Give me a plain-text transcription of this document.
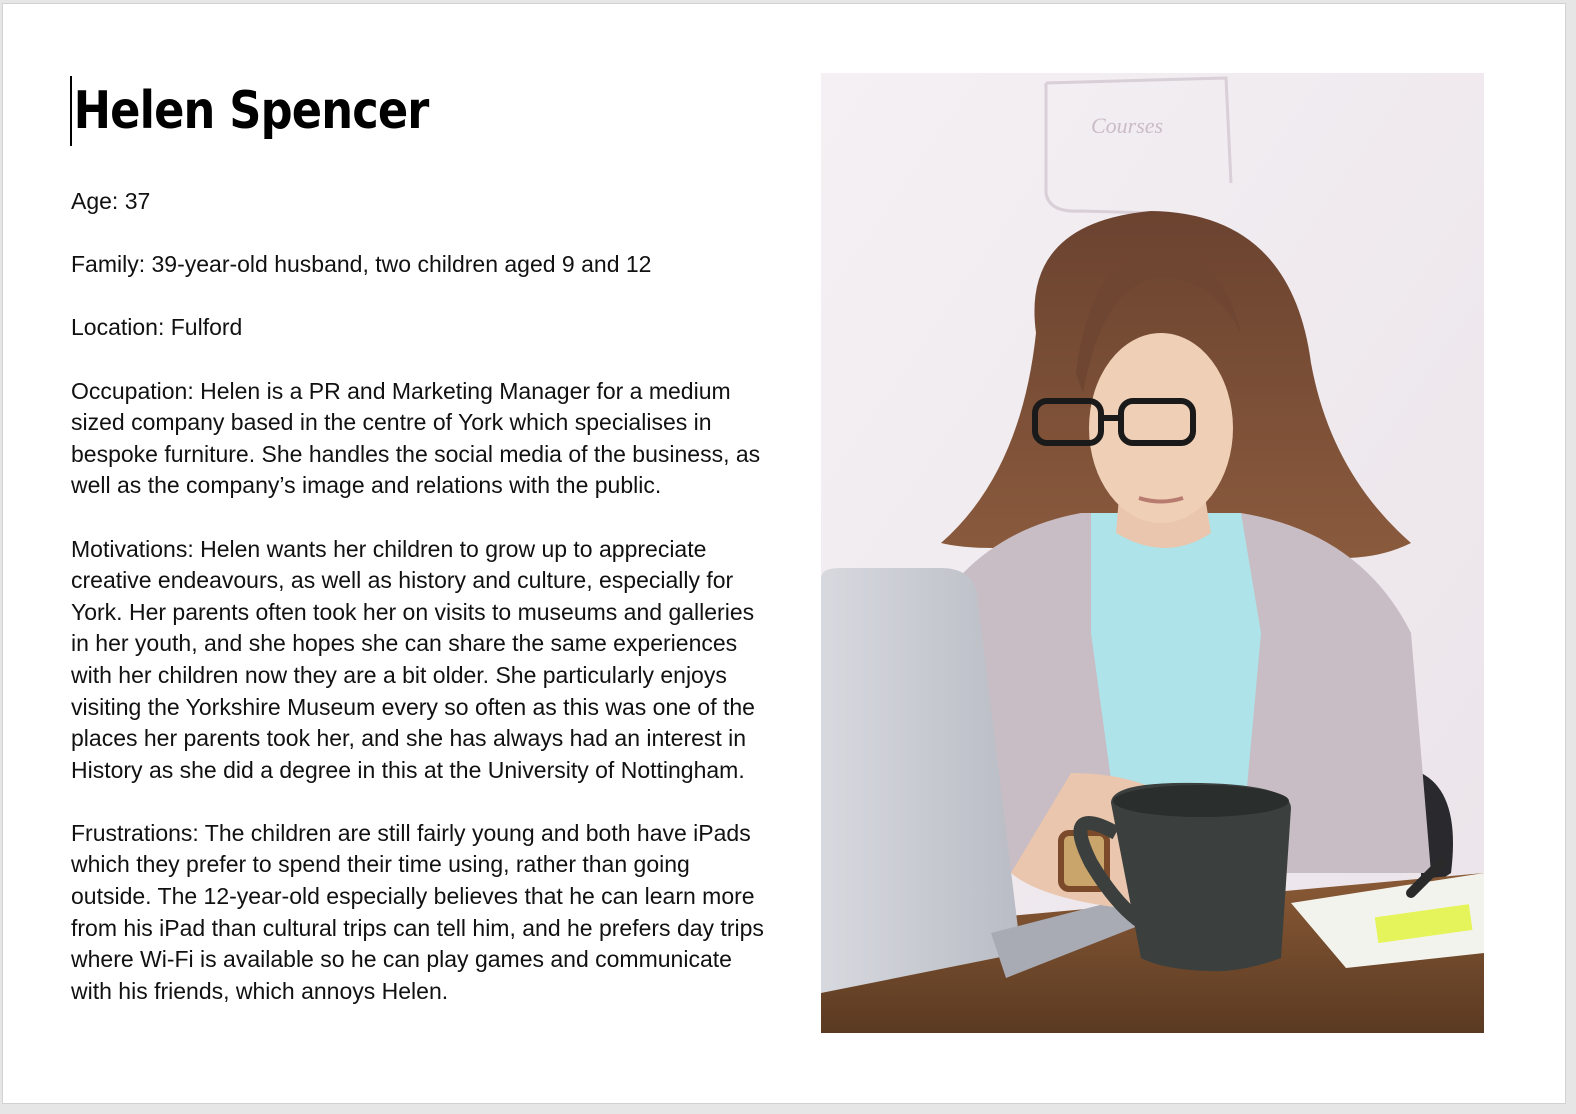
Helen Spencer

Age: 37

Family: 39-year-old husband, two children aged 9 and 12

Location: Fulford

Occupation: Helen is a PR and Marketing Manager for a medium sized company based in the centre of York which specialises in bespoke furniture. She handles the social media of the business, as well as the company’s image and relations with the public.

Motivations: Helen wants her children to grow up to appreciate creative endeavours, as well as history and culture, especially for York. Her parents often took her on visits to museums and galleries in her youth, and she hopes she can share the same experiences with her children now they are a bit older. She particularly enjoys visiting the Yorkshire Museum every so often as this was one of the places her parents took her, and she has always had an interest in History as she did a degree in this at the University of Nottingham.

Frustrations: The children are still fairly young and both have iPads which they prefer to spend their time using, rather than going outside. The 12-year-old especially believes that he can learn more from his iPad than cultural trips can tell him, and he prefers day trips where Wi-Fi is available so he can play games and communicate with his friends, which annoys Helen.

Courses
